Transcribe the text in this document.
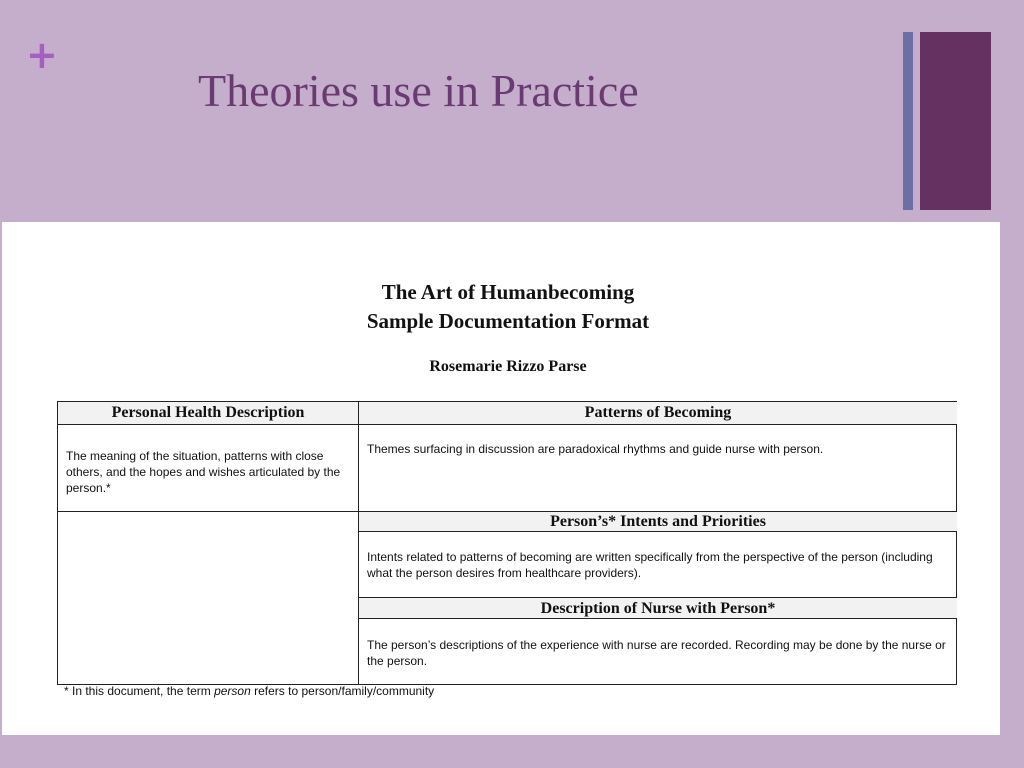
+
Theories use in Practice
The Art of Humanbecoming
Sample Documentation Format
Rosemarie Rizzo Parse
Personal Health Description
The meaning of the situation, patterns with close others, and the hopes and wishes articulated by the person.*
Patterns of Becoming
Themes surfacing in discussion are paradoxical rhythms and guide nurse with person.
Person’s* Intents and Priorities
Intents related to patterns of becoming are written specifically from the perspective of the person (including what the person desires from healthcare providers).
Description of Nurse with Person*
The person’s descriptions of the experience with nurse are recorded. Recording may be done by the nurse or the person.
* In this document, the term person refers to person/family/community
